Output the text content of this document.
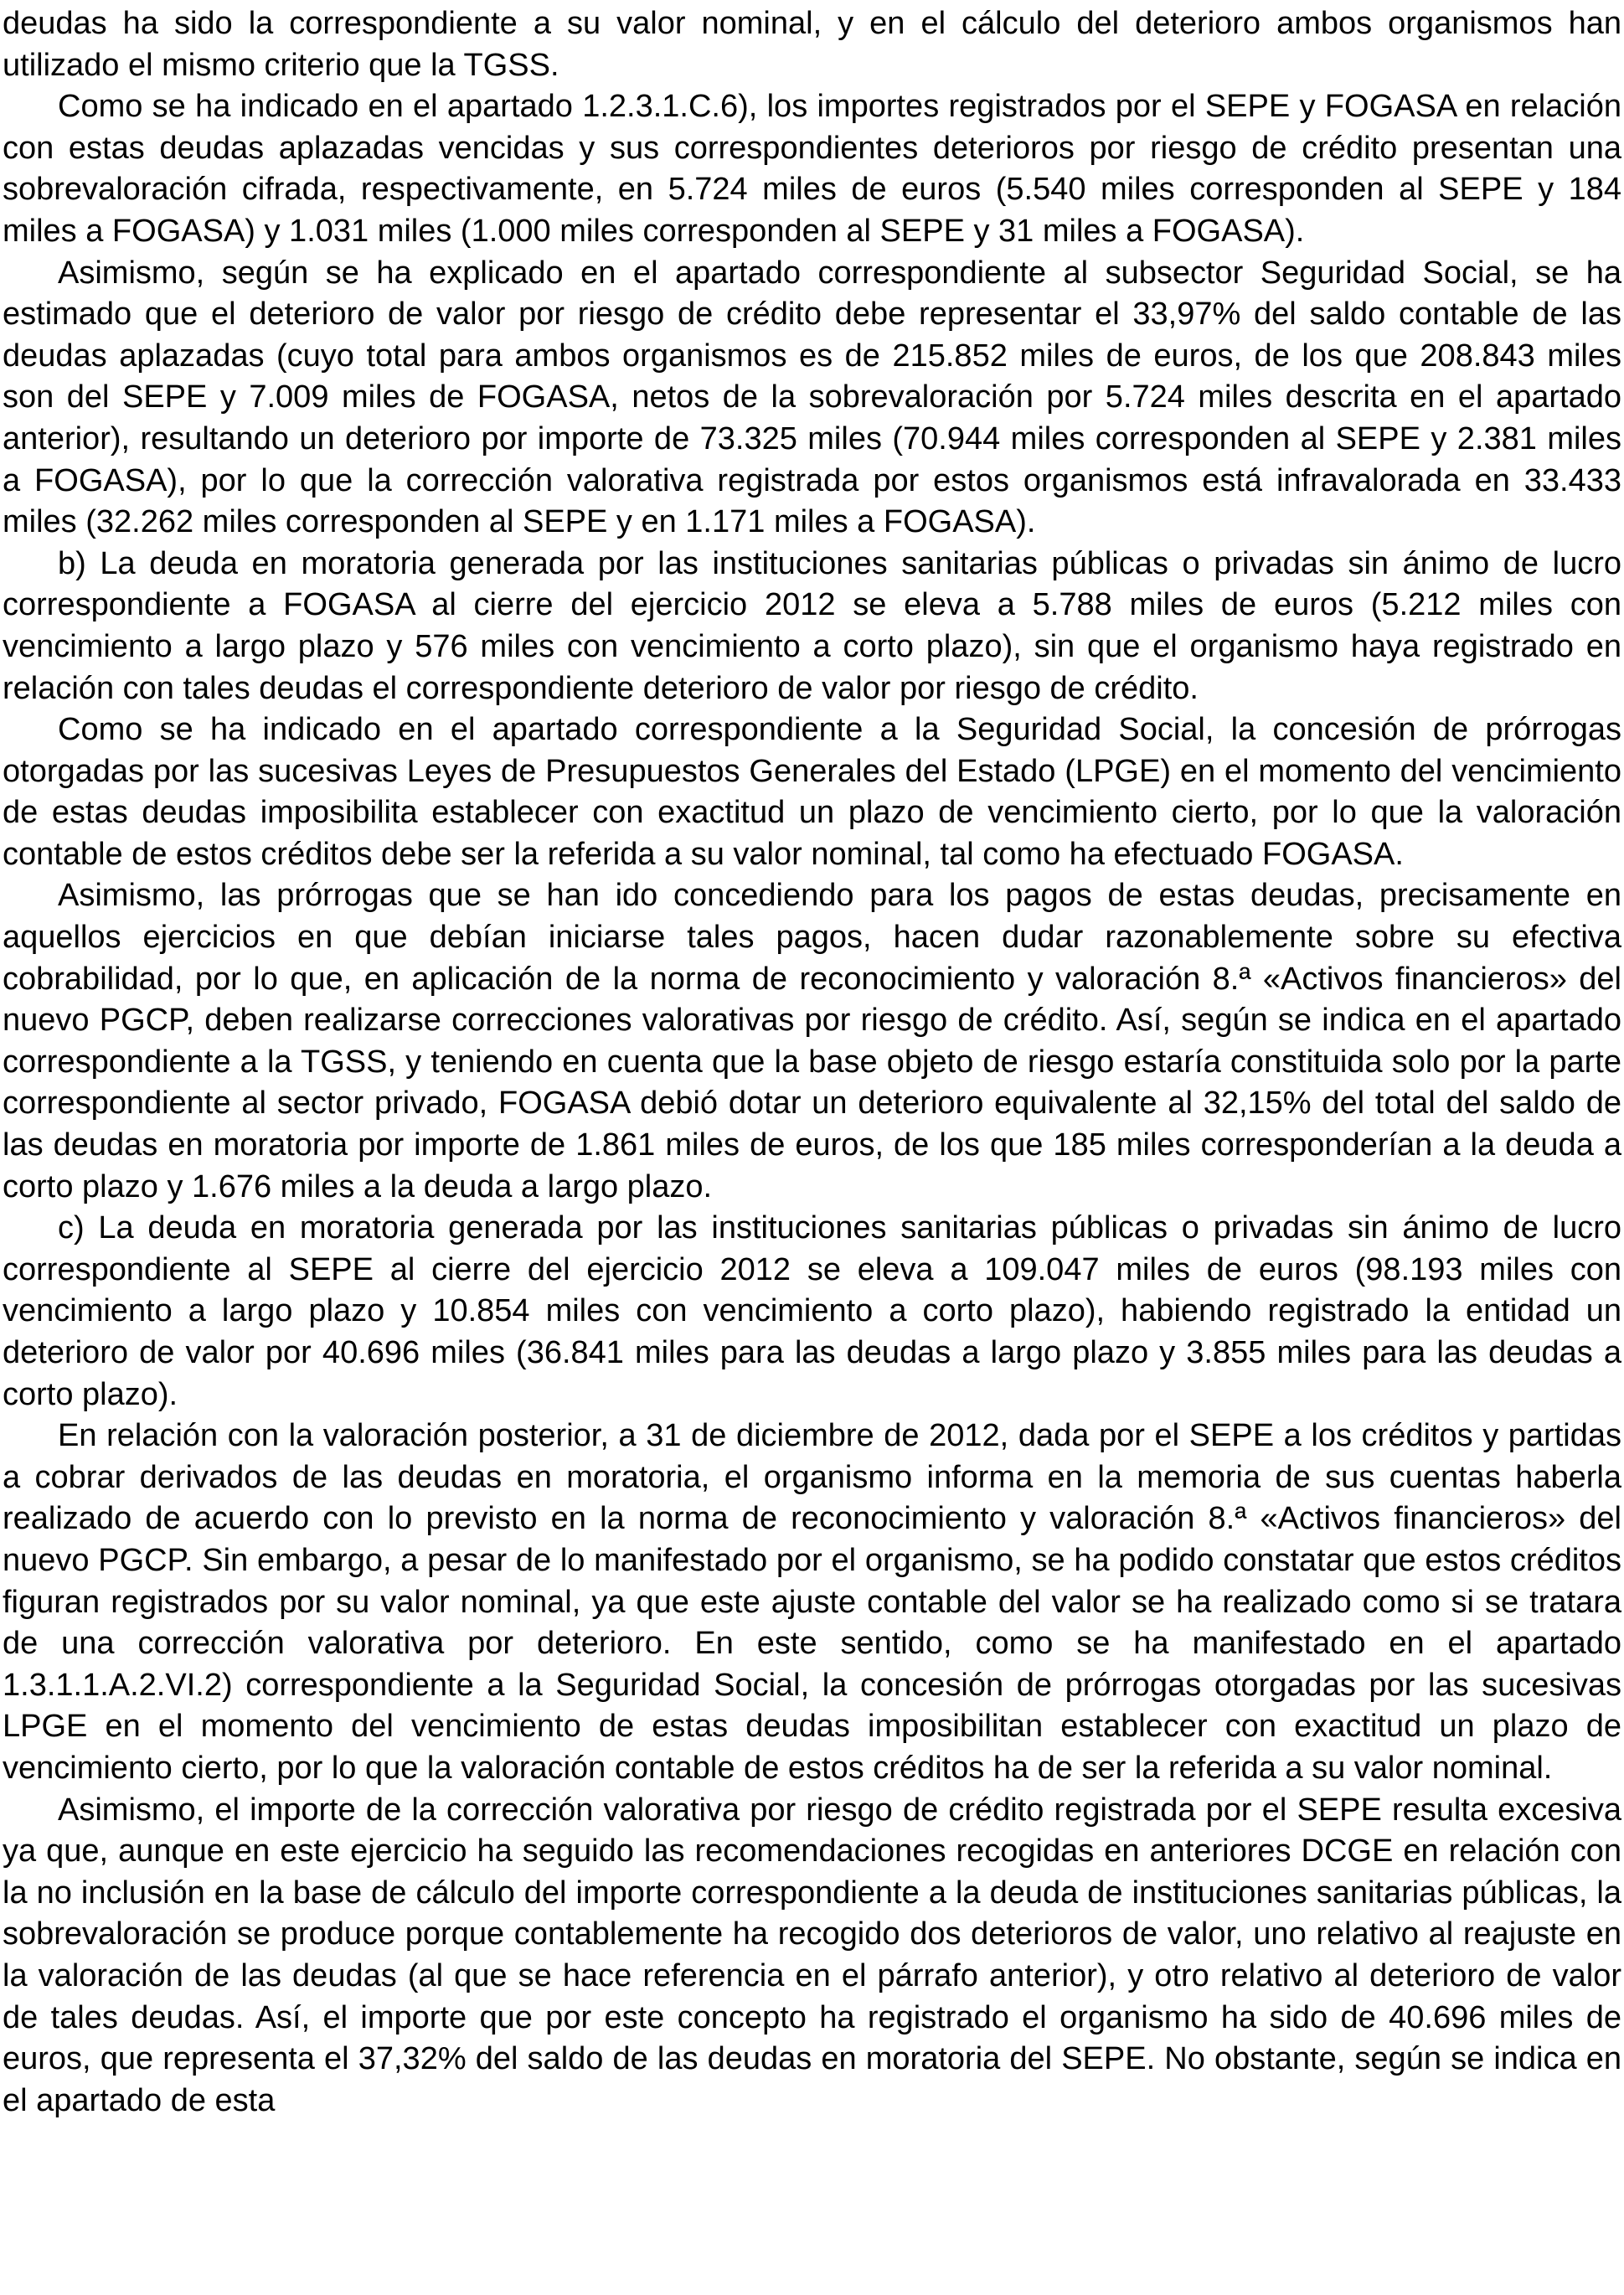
deudas ha sido la correspondiente a su valor nominal, y en el cálculo del deterioro ambos organismos han utilizado el mismo criterio que la TGSS.

Como se ha indicado en el apartado 1.2.3.1.C.6), los importes registrados por el SEPE y FOGASA en relación con estas deudas aplazadas vencidas y sus correspondientes deterioros por riesgo de crédito presentan una sobrevaloración cifrada, respectivamente, en 5.724 miles de euros (5.540 miles corresponden al SEPE y 184 miles a FOGASA) y 1.031 miles (1.000 miles corresponden al SEPE y 31 miles a FOGASA).

Asimismo, según se ha explicado en el apartado correspondiente al subsector Seguridad Social, se ha estimado que el deterioro de valor por riesgo de crédito debe representar el 33,97% del saldo contable de las deudas aplazadas (cuyo total para ambos organismos es de 215.852 miles de euros, de los que 208.843 miles son del SEPE y 7.009 miles de FOGASA, netos de la sobrevaloración por 5.724 miles descrita en el apartado anterior), resultando un deterioro por importe de 73.325 miles (70.944 miles corresponden al SEPE y 2.381 miles a FOGASA), por lo que la corrección valorativa registrada por estos organismos está infravalorada en 33.433 miles (32.262 miles corresponden al SEPE y en 1.171 miles a FOGASA).

b) La deuda en moratoria generada por las instituciones sanitarias públicas o privadas sin ánimo de lucro correspondiente a FOGASA al cierre del ejercicio 2012 se eleva a 5.788 miles de euros (5.212 miles con vencimiento a largo plazo y 576 miles con vencimiento a corto plazo), sin que el organismo haya registrado en relación con tales deudas el correspondiente deterioro de valor por riesgo de crédito.

Como se ha indicado en el apartado correspondiente a la Seguridad Social, la concesión de prórrogas otorgadas por las sucesivas Leyes de Presupuestos Generales del Estado (LPGE) en el momento del vencimiento de estas deudas imposibilita establecer con exactitud un plazo de vencimiento cierto, por lo que la valoración contable de estos créditos debe ser la referida a su valor nominal, tal como ha efectuado FOGASA.

Asimismo, las prórrogas que se han ido concediendo para los pagos de estas deudas, precisamente en aquellos ejercicios en que debían iniciarse tales pagos, hacen dudar razonablemente sobre su efectiva cobrabilidad, por lo que, en aplicación de la norma de reconocimiento y valoración 8.ª «Activos financieros» del nuevo PGCP, deben realizarse correcciones valorativas por riesgo de crédito. Así, según se indica en el apartado correspondiente a la TGSS, y teniendo en cuenta que la base objeto de riesgo estaría constituida solo por la parte correspondiente al sector privado, FOGASA debió dotar un deterioro equivalente al 32,15% del total del saldo de las deudas en moratoria por importe de 1.861 miles de euros, de los que 185 miles corresponderían a la deuda a corto plazo y 1.676 miles a la deuda a largo plazo.

c) La deuda en moratoria generada por las instituciones sanitarias públicas o privadas sin ánimo de lucro correspondiente al SEPE al cierre del ejercicio 2012 se eleva a 109.047 miles de euros (98.193 miles con vencimiento a largo plazo y 10.854 miles con vencimiento a corto plazo), habiendo registrado la entidad un deterioro de valor por 40.696 miles (36.841 miles para las deudas a largo plazo y 3.855 miles para las deudas a corto plazo).

En relación con la valoración posterior, a 31 de diciembre de 2012, dada por el SEPE a los créditos y partidas a cobrar derivados de las deudas en moratoria, el organismo informa en la memoria de sus cuentas haberla realizado de acuerdo con lo previsto en la norma de reconocimiento y valoración 8.ª «Activos financieros» del nuevo PGCP. Sin embargo, a pesar de lo manifestado por el organismo, se ha podido constatar que estos créditos figuran registrados por su valor nominal, ya que este ajuste contable del valor se ha realizado como si se tratara de una corrección valorativa por deterioro. En este sentido, como se ha manifestado en el apartado 1.3.1.1.A.2.VI.2) correspondiente a la Seguridad Social, la concesión de prórrogas otorgadas por las sucesivas LPGE en el momento del vencimiento de estas deudas imposibilitan establecer con exactitud un plazo de vencimiento cierto, por lo que la valoración contable de estos créditos ha de ser la referida a su valor nominal.

Asimismo, el importe de la corrección valorativa por riesgo de crédito registrada por el SEPE resulta excesiva ya que, aunque en este ejercicio ha seguido las recomendaciones recogidas en anteriores DCGE en relación con la no inclusión en la base de cálculo del importe correspondiente a la deuda de instituciones sanitarias públicas, la sobrevaloración se produce porque contablemente ha recogido dos deterioros de valor, uno relativo al reajuste en la valoración de las deudas (al que se hace referencia en el párrafo anterior), y otro relativo al deterioro de valor de tales deudas. Así, el importe que por este concepto ha registrado el organismo ha sido de 40.696 miles de euros, que representa el 37,32% del saldo de las deudas en moratoria del SEPE. No obstante, según se indica en el apartado de esta
